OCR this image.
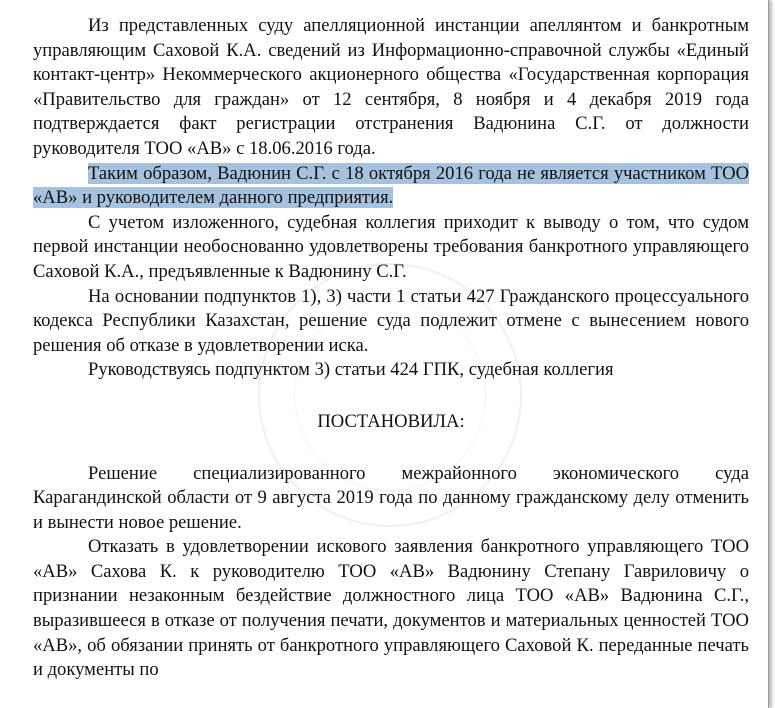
Из представленных суду апелляционной инстанции апеллянтом и банкротным управляющим Саховой К.А. сведений из Информационно-справочной службы «Единый контакт-центр» Некоммерческого акционерного общества «Государственная корпорация «Правительство для граждан» от 12 сентября, 8 ноября и 4 декабря 2019 года подтверждается факт регистрации отстранения Вадюнина С.Г. от должности руководителя ТОО «АВ» с 18.06.2016 года.

Таким образом, Вадюнин С.Г. с 18 октября 2016 года не является участником ТОО «АВ» и руководителем данного предприятия.

С учетом изложенного, судебная коллегия приходит к выводу о том, что судом первой инстанции необоснованно удовлетворены требования банкротного управляющего Саховой К.А., предъявленные к Вадюнину С.Г.

На основании подпунктов 1), 3) части 1 статьи 427 Гражданского процессуального кодекса Республики Казахстан, решение суда подлежит отмене с вынесением нового решения об отказе в удовлетворении иска.

Руководствуясь подпунктом 3) статьи 424 ГПК, судебная коллегия

ПОСТАНОВИЛА:

Решение специализированного межрайонного экономического суда Карагандинской области от 9 августа 2019 года по данному гражданскому делу отменить и вынести новое решение.

Отказать в удовлетворении искового заявления банкротного управляющего ТОО «АВ» Сахова К. к руководителю ТОО «АВ» Вадюнину Степану Гавриловичу о признании незаконным бездействие должностного лица ТОО «АВ» Вадюнина С.Г., выразившееся в отказе от получения печати, документов и материальных ценностей ТОО «АВ», об обязании принять от банкротного управляющего Саховой К. переданные печать и документы по
